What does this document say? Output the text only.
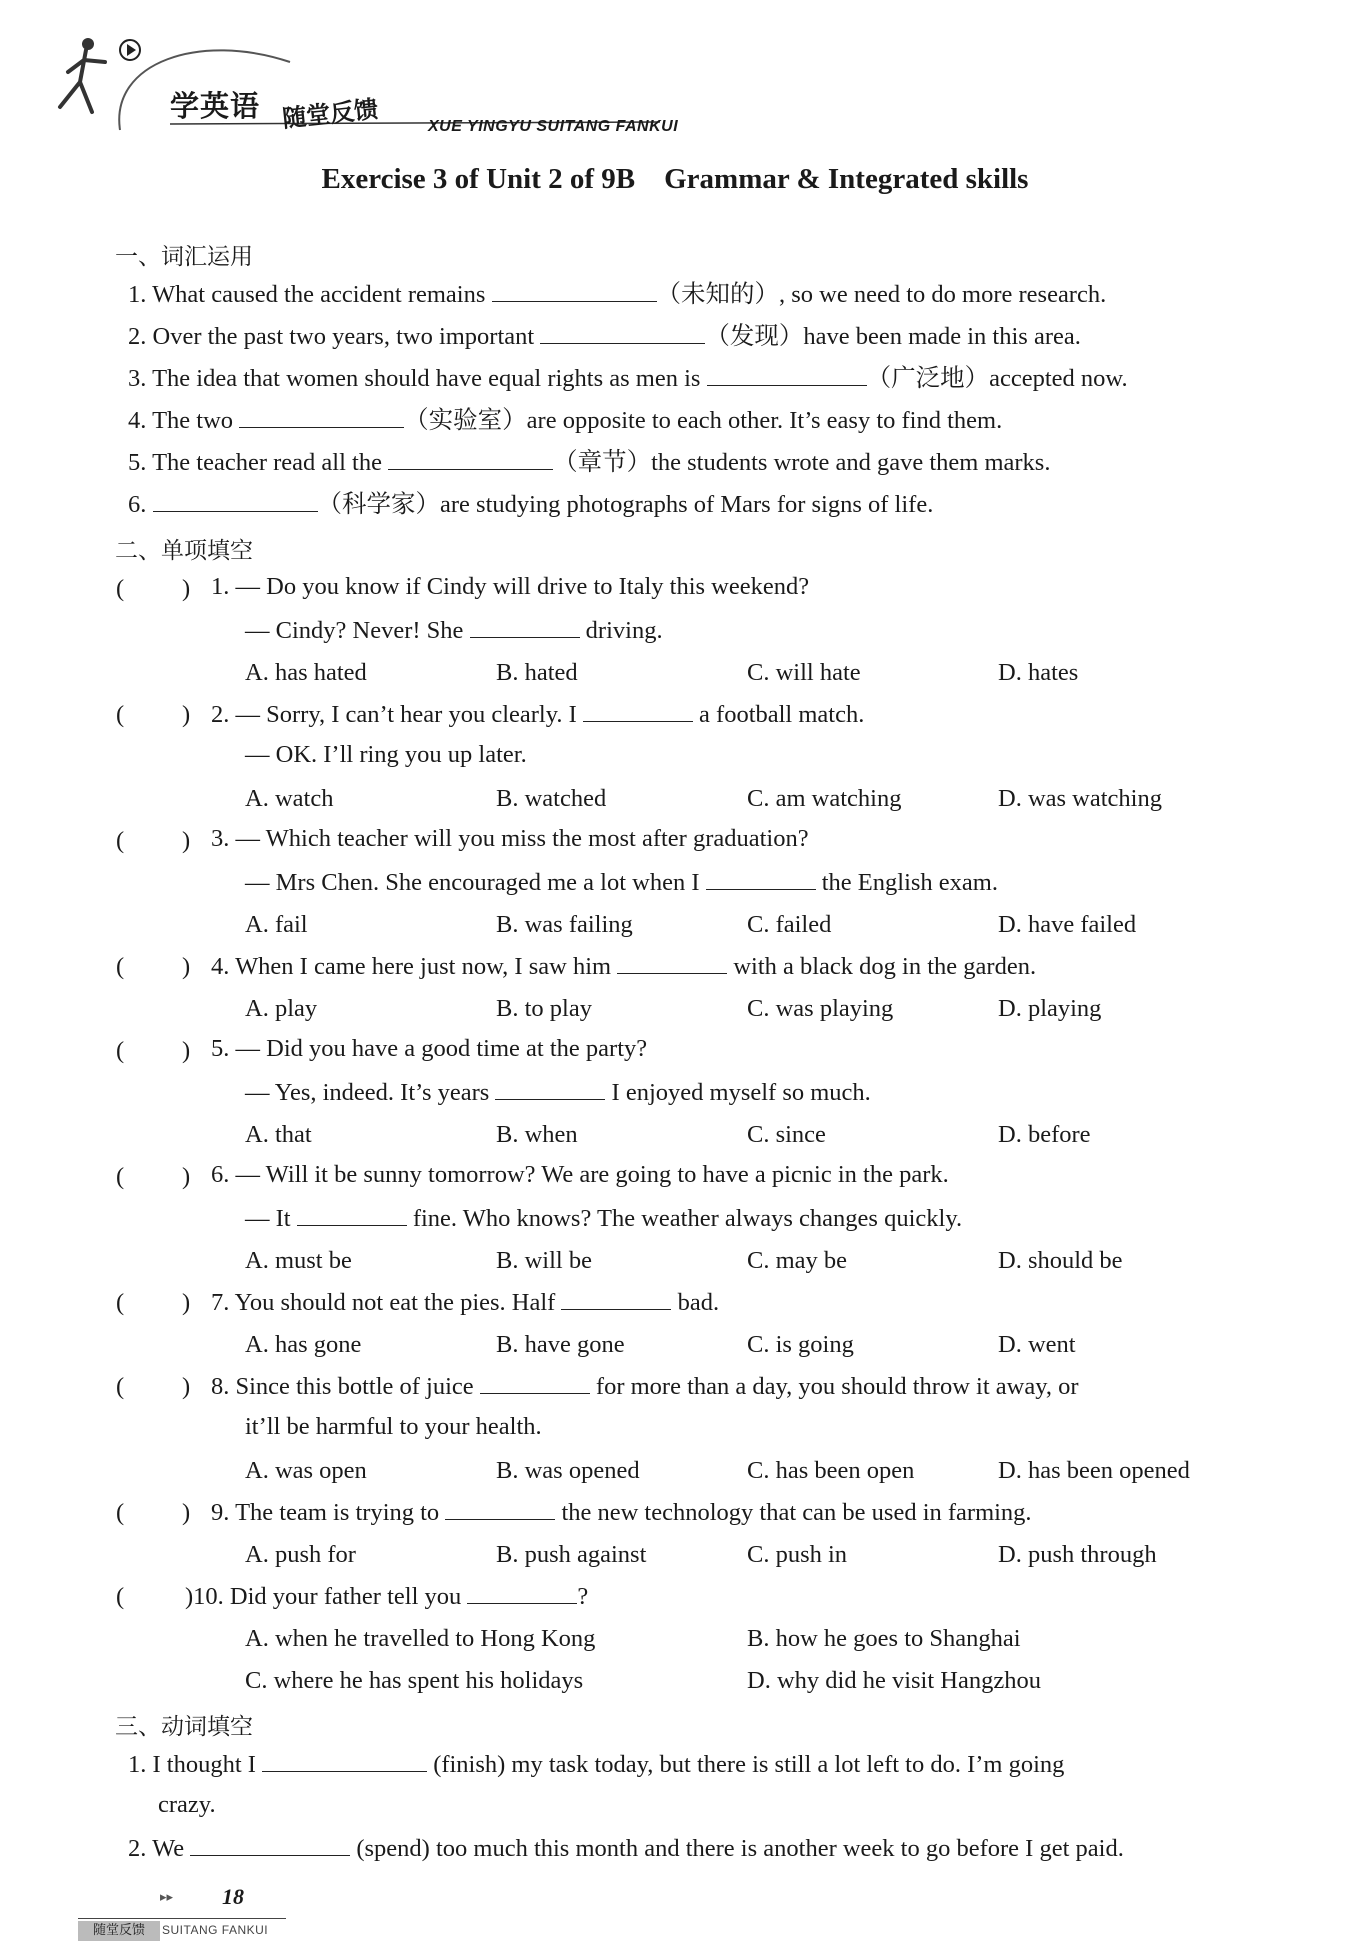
学英语 随堂反馈	XUE YINGYU SUITANG FANKUI
Exercise 3 of Unit 2 of 9B Grammar & Integrated skills
一、词汇运用
1. What caused the accident remains	（未知的）, so we need to do more research.
2. Over the past two years, two important	（发现）have been made in this area.
3. The idea that women should have equal rights as men is	（广泛地）accepted now.
4. The two	（实验室）are opposite to each other. It’s easy to find them.
5. The teacher read all the	（章节）the students wrote and gave them marks.
6.	（科学家）are studying photographs of Mars for signs of life.
二、单项填空
( ) 1. — Do you know if Cindy will drive to Italy this weekend?
— Cindy? Never! She	driving.
A. has hated	B. hated	C. will hate	D. hates
( ) 2. — Sorry, I can’t hear you clearly. I	a football match.
— OK. I’ll ring you up later.
A. watch	B. watched	C. am watching	D. was watching
( ) 3. — Which teacher will you miss the most after graduation?
— Mrs Chen. She encouraged me a lot when I	the English exam.
A. fail	B. was failing	C. failed	D. have failed
( ) 4. When I came here just now, I saw him	with a black dog in the garden.
A. play	B. to play	C. was playing	D. playing
( ) 5. — Did you have a good time at the party?
— Yes, indeed. It’s years	I enjoyed myself so much.
A. that	B. when	C. since	D. before
( ) 6. — Will it be sunny tomorrow? We are going to have a picnic in the park.
— It	fine. Who knows? The weather always changes quickly.
A. must be	B. will be	C. may be	D. should be
( ) 7. You should not eat the pies. Half	bad.
A. has gone	B. have gone	C. is going	D. went
( ) 8. Since this bottle of juice	for more than a day, you should throw it away, or
it’ll be harmful to your health.
A. was open	B. was opened	C. has been open	D. has been opened
( ) 9. The team is trying to	the new technology that can be used in farming.
A. push for	B. push against	C. push in	D. push through
( )10. Did your father tell you	?
A. when he travelled to Hong Kong	B. how he goes to Shanghai
C. where he has spent his holidays	D. why did he visit Hangzhou
三、动词填空
1. I thought I	(finish) my task today, but there is still a lot left to do. I’m going
crazy.
2. We	(spend) too much this month and there is another week to go before I get paid.
▸▸ 18
随堂反馈	SUITANG FANKUI
